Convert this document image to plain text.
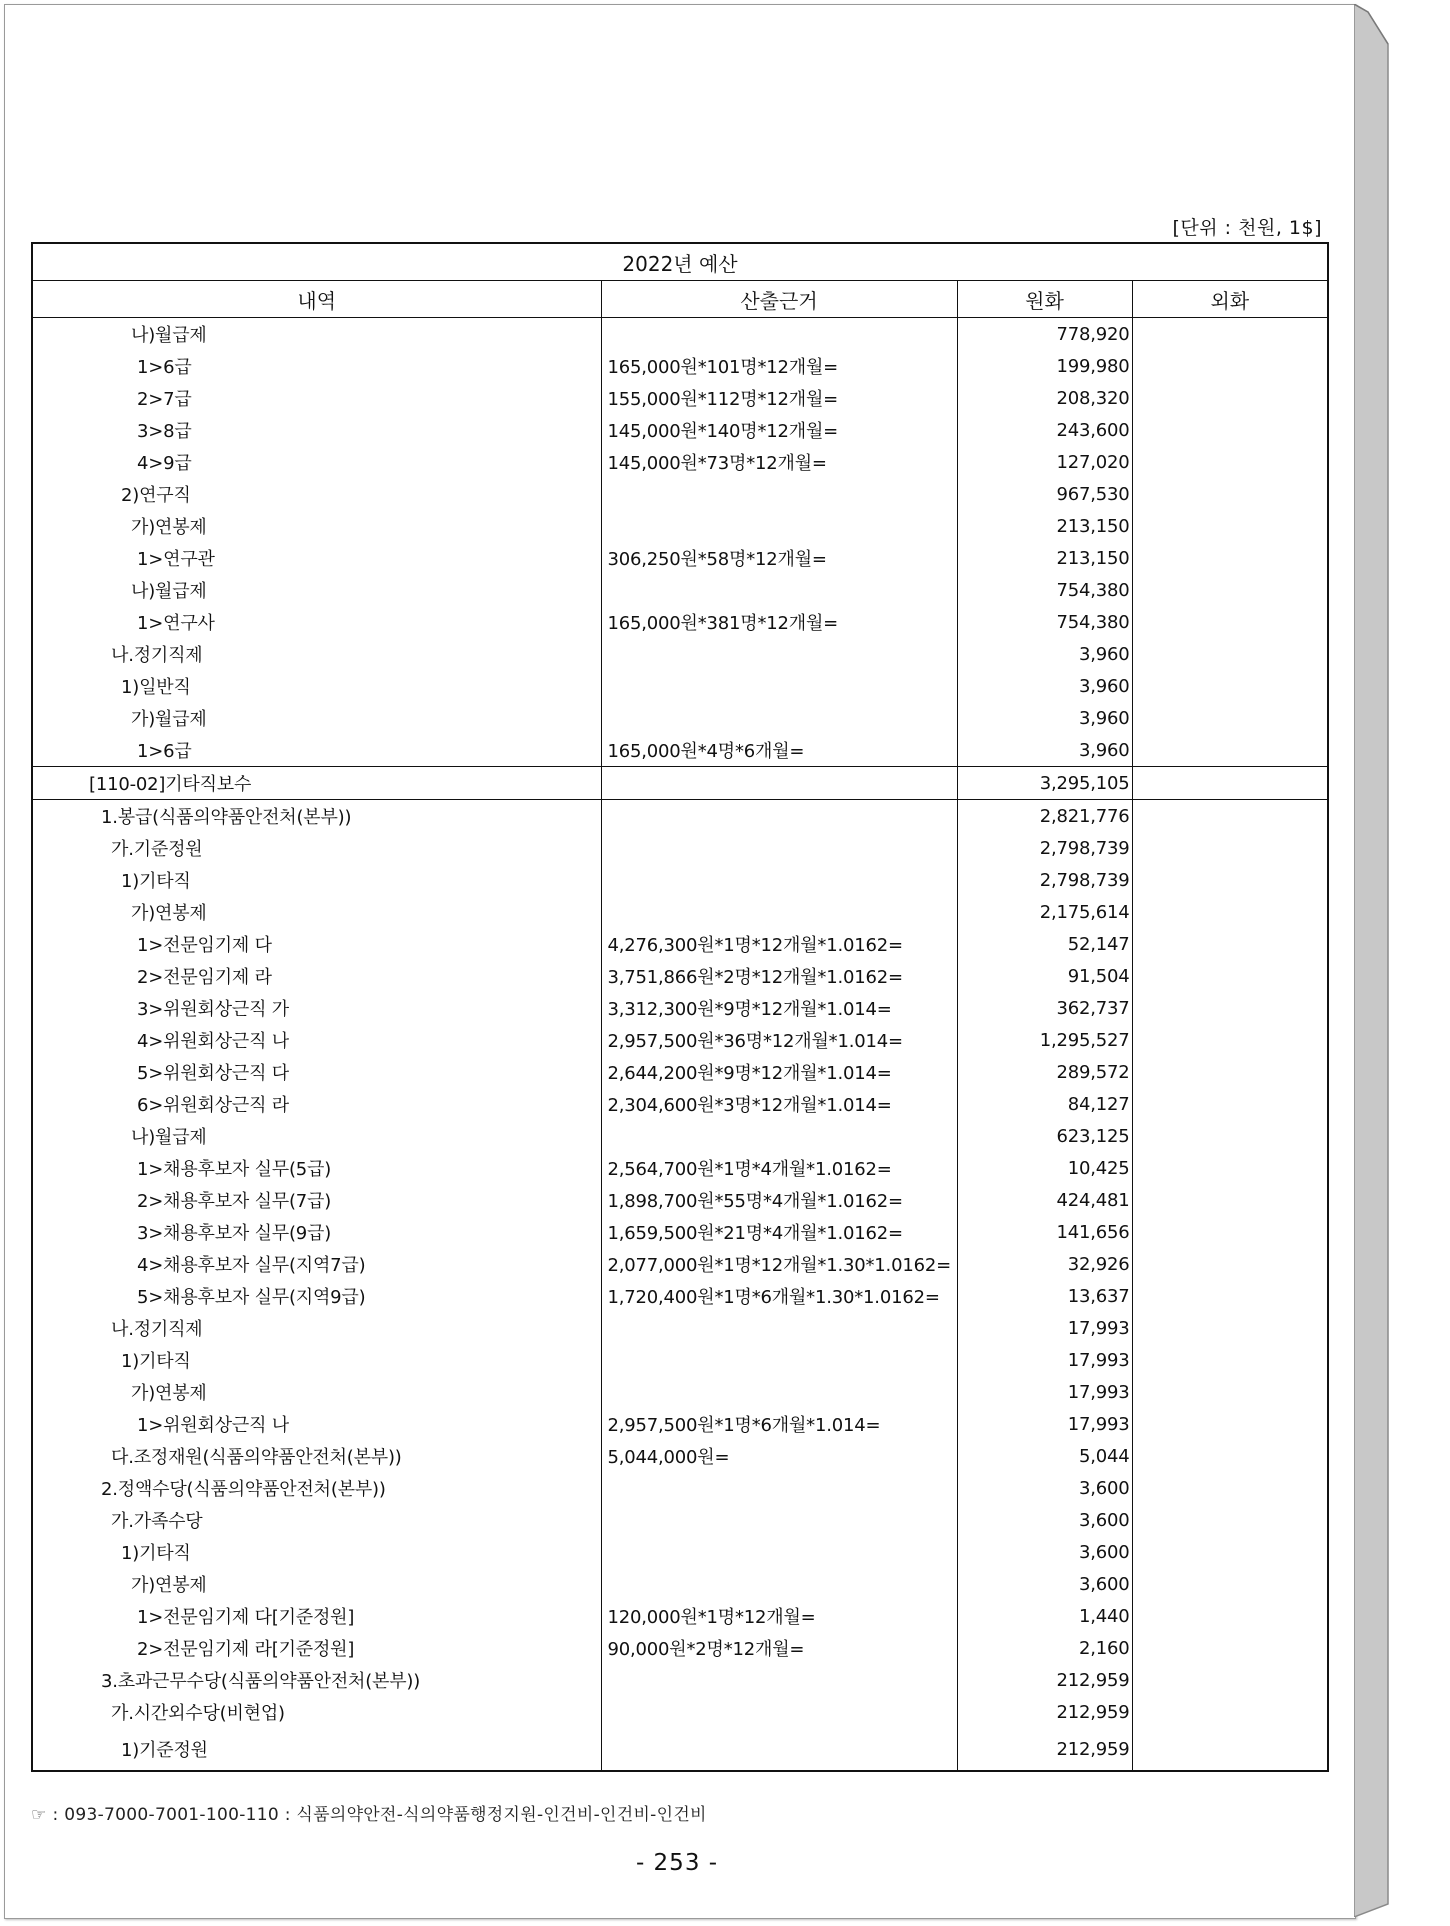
[단위 : 천원, 1$]
2022년 예산			
내역	산출근거	원화	외화
나)월급제		778,920	
1>6급	165,000원*101명*12개월=	199,980	
2>7급	155,000원*112명*12개월=	208,320	
3>8급	145,000원*140명*12개월=	243,600	
4>9급	145,000원*73명*12개월=	127,020	
2)연구직		967,530	
가)연봉제		213,150	
1>연구관	306,250원*58명*12개월=	213,150	
나)월급제		754,380	
1>연구사	165,000원*381명*12개월=	754,380	
나.정기직제		3,960	
1)일반직		3,960	
가)월급제		3,960	
1>6급	165,000원*4명*6개월=	3,960	
[110-02]기타직보수		3,295,105	
1.봉급(식품의약품안전처(본부))		2,821,776	
가.기준정원		2,798,739	
1)기타직		2,798,739	
가)연봉제		2,175,614	
1>전문임기제 다	4,276,300원*1명*12개월*1.0162=	52,147	
2>전문임기제 라	3,751,866원*2명*12개월*1.0162=	91,504	
3>위원회상근직 가	3,312,300원*9명*12개월*1.014=	362,737	
4>위원회상근직 나	2,957,500원*36명*12개월*1.014=	1,295,527	
5>위원회상근직 다	2,644,200원*9명*12개월*1.014=	289,572	
6>위원회상근직 라	2,304,600원*3명*12개월*1.014=	84,127	
나)월급제		623,125	
1>채용후보자 실무(5급)	2,564,700원*1명*4개월*1.0162=	10,425	
2>채용후보자 실무(7급)	1,898,700원*55명*4개월*1.0162=	424,481	
3>채용후보자 실무(9급)	1,659,500원*21명*4개월*1.0162=	141,656	
4>채용후보자 실무(지역7급)	2,077,000원*1명*12개월*1.30*1.0162=	32,926	
5>채용후보자 실무(지역9급)	1,720,400원*1명*6개월*1.30*1.0162=	13,637	
나.정기직제		17,993	
1)기타직		17,993	
가)연봉제		17,993	
1>위원회상근직 나	2,957,500원*1명*6개월*1.014=	17,993	
다.조정재원(식품의약품안전처(본부))	5,044,000원=	5,044	
2.정액수당(식품의약품안전처(본부))		3,600	
가.가족수당		3,600	
1)기타직		3,600	
가)연봉제		3,600	
1>전문임기제 다[기준정원]	120,000원*1명*12개월=	1,440	
2>전문임기제 라[기준정원]	90,000원*2명*12개월=	2,160	
3.초과근무수당(식품의약품안전처(본부))		212,959	
가.시간외수당(비현업)		212,959	
1)기준정원		212,959	
☞ : 093-7000-7001-100-110 : 식품의약안전-식의약품행정지원-인건비-인건비-인건비
- 253 -
